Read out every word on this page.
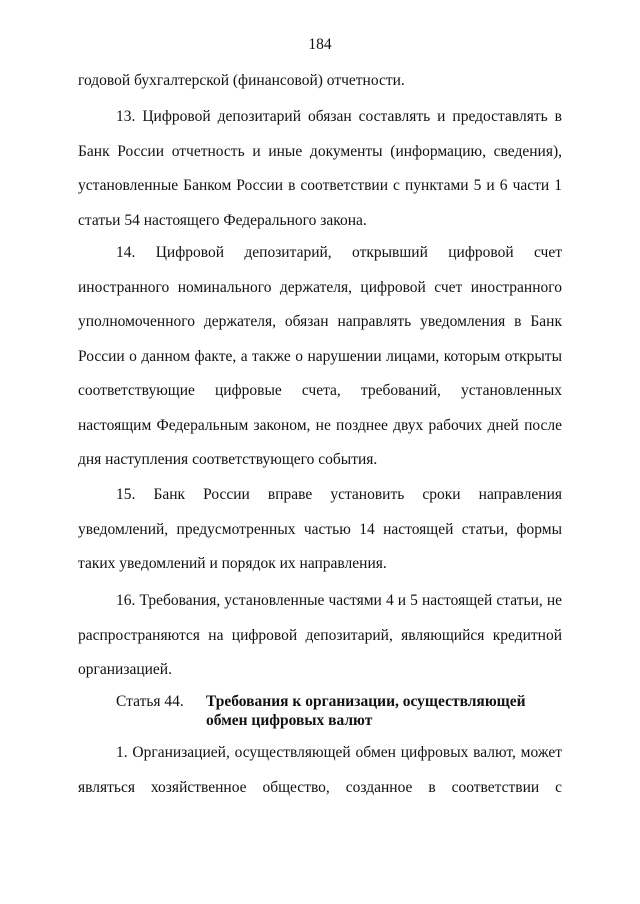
184
годовой бухгалтерской (финансовой) отчетности.
13. Цифровой депозитарий обязан составлять и предоставлять в Банк России отчетность и иные документы (информацию, сведения), установленные Банком России в соответствии с пунктами 5 и 6 части 1 статьи 54 настоящего Федерального закона.
14. Цифровой депозитарий, открывший цифровой счет иностранного номинального держателя, цифровой счет иностранного уполномоченного держателя, обязан направлять уведомления в Банк России о данном факте, а также о нарушении лицами, которым открыты соответствующие цифровые счета, требований, установленных настоящим Федеральным законом, не позднее двух рабочих дней после дня наступления соответствующего события.
15. Банк России вправе установить сроки направления уведомлений, предусмотренных частью 14 настоящей статьи, формы таких уведомлений и порядок их направления.
16. Требования, установленные частями 4 и 5 настоящей статьи, не распространяются на цифровой депозитарий, являющийся кредитной организацией.
Статья 44. Требования к организации, осуществляющей обмен цифровых валют
1. Организацией, осуществляющей обмен цифровых валют, может являться хозяйственное общество, созданное в соответствии с
